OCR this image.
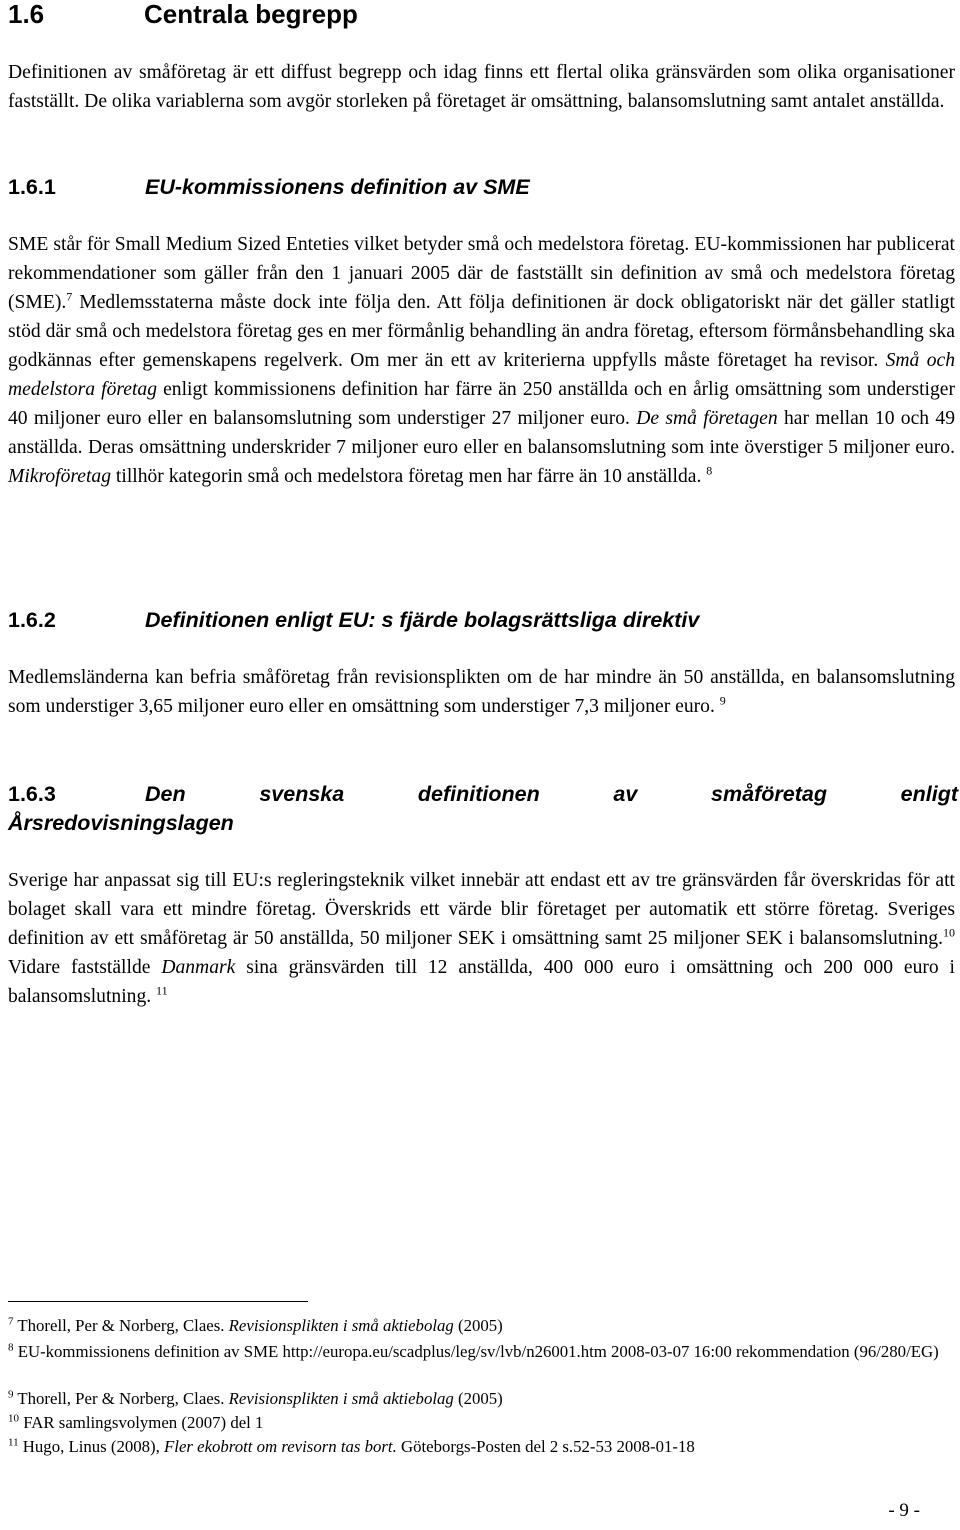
1.6	Centrala begrepp

Definitionen av småföretag är ett diffust begrepp och idag finns ett flertal olika gränsvärden som olika organisationer fastställt. De olika variablerna som avgör storleken på företaget är omsättning, balansomslutning samt antalet anställda.

1.6.1	EU-kommissionens definition av SME

SME står för Small Medium Sized Enteties vilket betyder små och medelstora företag. EU-kommissionen har publicerat rekommendationer som gäller från den 1 januari 2005 där de fastställt sin definition av små och medelstora företag (SME).$^7$ Medlemsstaterna måste dock inte följa den. Att följa definitionen är dock obligatoriskt när det gäller statligt stöd där små och medelstora företag ges en mer förmånlig behandling än andra företag, eftersom förmånsbehandling ska godkännas efter gemenskapens regelverk. Om mer än ett av kriterierna uppfylls måste företaget ha revisor. Små och medelstora företag enligt kommissionens definition har färre än 250 anställda och en årlig omsättning som understiger 40 miljoner euro eller en balansomslutning som understiger 27 miljoner euro. De små företagen har mellan 10 och 49 anställda. Deras omsättning underskrider 7 miljoner euro eller en balansomslutning som inte överstiger 5 miljoner euro. Mikroföretag tillhör kategorin små och medelstora företag men har färre än 10 anställda. $^8$

1.6.2	Definitionen enligt EU: s fjärde bolagsrättsliga direktiv

Medlemsländerna kan befria småföretag från revisionsplikten om de har mindre än 50 anställda, en balansomslutning som understiger 3,65 miljoner euro eller en omsättning som understiger 7,3 miljoner euro. $^9$

1.6.3	Den svenska definitionen av småföretag enligt
Årsredovisningslagen

Sverige har anpassat sig till EU:s regleringsteknik vilket innebär att endast ett av tre gränsvärden får överskridas för att bolaget skall vara ett mindre företag. Överskrids ett värde blir företaget per automatik ett större företag. Sveriges definition av ett småföretag är 50 anställda, 50 miljoner SEK i omsättning samt 25 miljoner SEK i balansomslutning.$^{10}$ Vidare fastställde Danmark sina gränsvärden till 12 anställda, 400 000 euro i omsättning och 200 000 euro i balansomslutning. $^{11}$

$^7$ Thorell, Per & Norberg, Claes. Revisionsplikten i små aktiebolag (2005)

$^8$ EU-kommissionens definition av SME http://europa.eu/scadplus/leg/sv/lvb/n26001.htm 2008-03-07 16:00 rekommendation (96/280/EG)

$^9$ Thorell, Per & Norberg, Claes. Revisionsplikten i små aktiebolag (2005)

$^{10}$ FAR samlingsvolymen (2007) del 1

$^{11}$ Hugo, Linus (2008), Fler ekobrott om revisorn tas bort. Göteborgs-Posten del 2 s.52-53 2008-01-18

- 9 -
